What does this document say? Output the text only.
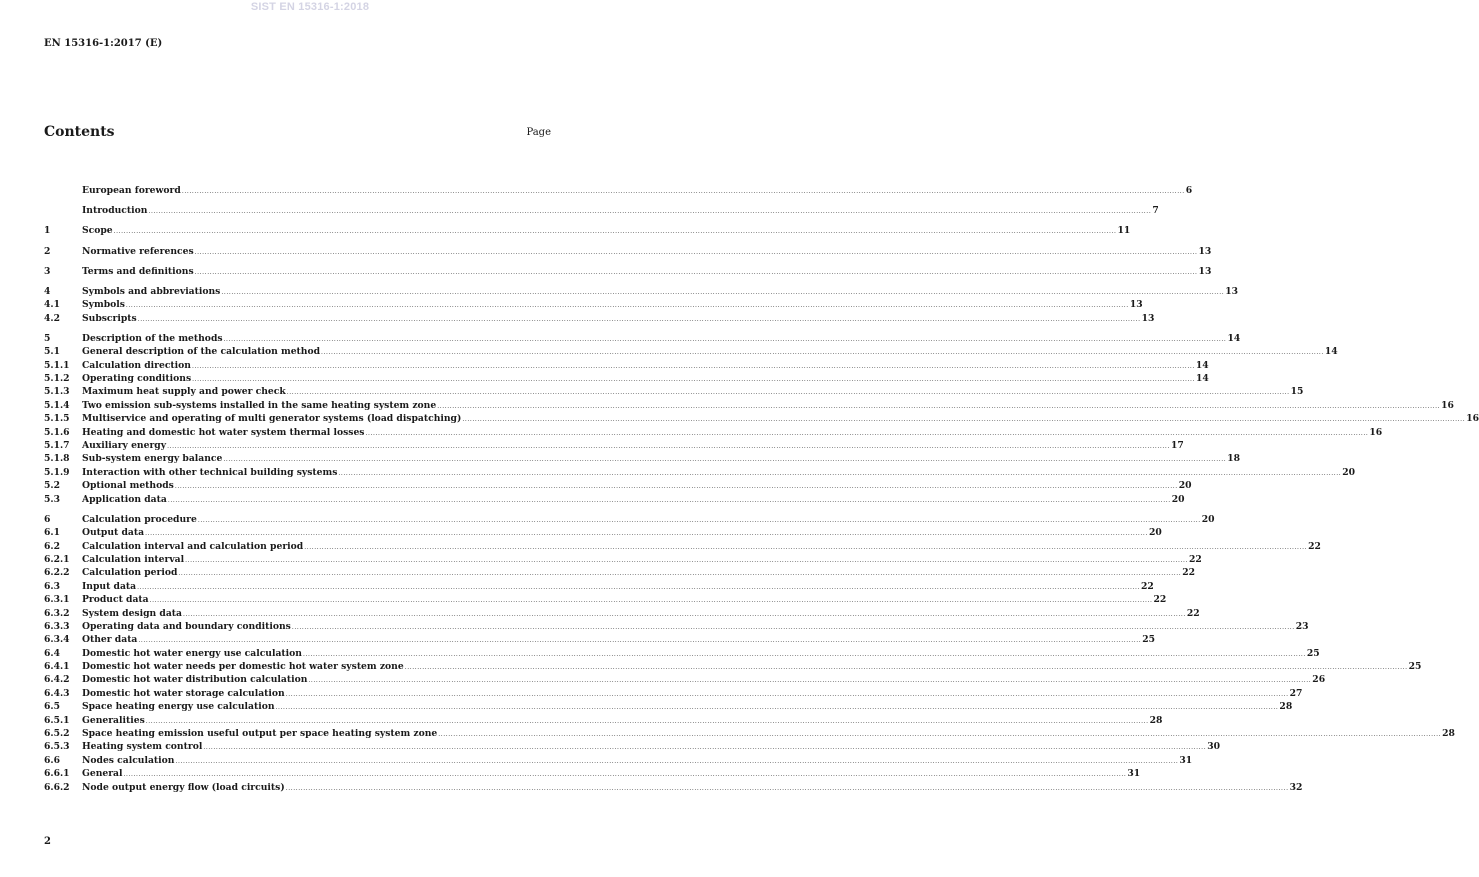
SIST EN 15316-1:2018
EN 15316-1:2017 (E)
Contents	Page
European foreword ................................................................................................................................................................................................................................................................................................................................................................................................................ 6
Introduction ................................................................................................................................................................................................................................................................................................................................................................................................................ 7
1	Scope ................................................................................................................................................................................................................................................................................................................................................................................................................ 11
2	Normative references ................................................................................................................................................................................................................................................................................................................................................................................................................ 13
3	Terms and definitions ................................................................................................................................................................................................................................................................................................................................................................................................................ 13
4	Symbols and abbreviations ................................................................................................................................................................................................................................................................................................................................................................................................................ 13
4.1	Symbols ................................................................................................................................................................................................................................................................................................................................................................................................................ 13
4.2	Subscripts ................................................................................................................................................................................................................................................................................................................................................................................................................ 13
5	Description of the methods ................................................................................................................................................................................................................................................................................................................................................................................................................ 14
5.1	General description of the calculation method ................................................................................................................................................................................................................................................................................................................................................................................................................ 14
5.1.1	Calculation direction ................................................................................................................................................................................................................................................................................................................................................................................................................ 14
5.1.2	Operating conditions ................................................................................................................................................................................................................................................................................................................................................................................................................ 14
5.1.3	Maximum heat supply and power check ................................................................................................................................................................................................................................................................................................................................................................................................................ 15
5.1.4	Two emission sub-systems installed in the same heating system zone ................................................................................................................................................................................................................................................................................................................................................................................................................ 16
5.1.5	Multiservice and operating of multi generator systems (load dispatching) ................................................................................................................................................................................................................................................................................................................................................................................................................ 16
5.1.6	Heating and domestic hot water system thermal losses ................................................................................................................................................................................................................................................................................................................................................................................................................ 16
5.1.7	Auxiliary energy ................................................................................................................................................................................................................................................................................................................................................................................................................ 17
5.1.8	Sub-system energy balance ................................................................................................................................................................................................................................................................................................................................................................................................................ 18
5.1.9	Interaction with other technical building systems ................................................................................................................................................................................................................................................................................................................................................................................................................ 20
5.2	Optional methods ................................................................................................................................................................................................................................................................................................................................................................................................................ 20
5.3	Application data ................................................................................................................................................................................................................................................................................................................................................................................................................ 20
6	Calculation procedure ................................................................................................................................................................................................................................................................................................................................................................................................................ 20
6.1	Output data ................................................................................................................................................................................................................................................................................................................................................................................................................ 20
6.2	Calculation interval and calculation period ................................................................................................................................................................................................................................................................................................................................................................................................................ 22
6.2.1	Calculation interval ................................................................................................................................................................................................................................................................................................................................................................................................................ 22
6.2.2	Calculation period ................................................................................................................................................................................................................................................................................................................................................................................................................ 22
6.3	Input data ................................................................................................................................................................................................................................................................................................................................................................................................................ 22
6.3.1	Product data ................................................................................................................................................................................................................................................................................................................................................................................................................ 22
6.3.2	System design data ................................................................................................................................................................................................................................................................................................................................................................................................................ 22
6.3.3	Operating data and boundary conditions ................................................................................................................................................................................................................................................................................................................................................................................................................ 23
6.3.4	Other data ................................................................................................................................................................................................................................................................................................................................................................................................................ 25
6.4	Domestic hot water energy use calculation ................................................................................................................................................................................................................................................................................................................................................................................................................ 25
6.4.1	Domestic hot water needs per domestic hot water system zone ................................................................................................................................................................................................................................................................................................................................................................................................................ 25
6.4.2	Domestic hot water distribution calculation ................................................................................................................................................................................................................................................................................................................................................................................................................ 26
6.4.3	Domestic hot water storage calculation ................................................................................................................................................................................................................................................................................................................................................................................................................ 27
6.5	Space heating energy use calculation ................................................................................................................................................................................................................................................................................................................................................................................................................ 28
6.5.1	Generalities ................................................................................................................................................................................................................................................................................................................................................................................................................ 28
6.5.2	Space heating emission useful output per space heating system zone ................................................................................................................................................................................................................................................................................................................................................................................................................ 28
6.5.3	Heating system control ................................................................................................................................................................................................................................................................................................................................................................................................................ 30
6.6	Nodes calculation ................................................................................................................................................................................................................................................................................................................................................................................................................ 31
6.6.1	General ................................................................................................................................................................................................................................................................................................................................................................................................................ 31
6.6.2	Node output energy flow (load circuits) ................................................................................................................................................................................................................................................................................................................................................................................................................ 32
2
